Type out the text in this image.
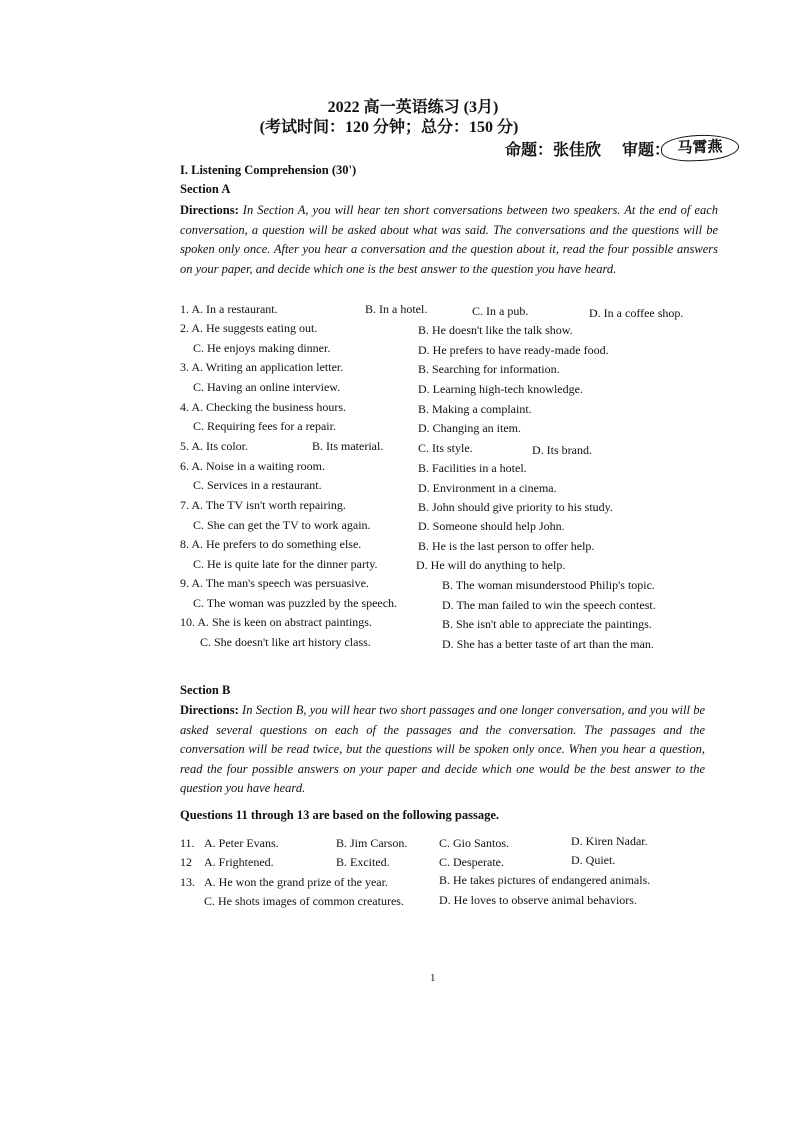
2022 高一英语练习 (3月)
(考试时间：120 分钟；总分：150 分)
命题：张佳欣 审题： 马霄燕
I. Listening Comprehension (30')
Section A
Directions: In Section A, you will hear ten short conversations between two speakers. At the end of each conversation, a question will be asked about what was said. The conversations and the questions will be spoken only once. After you hear a conversation and the question about it, read the four possible answers on your paper, and decide which one is the best answer to the question you have heard.
1. A. In a restaurant.	B. In a hotel.	C. In a pub.	D. In a coffee shop.
2. A. He suggests eating out.	B. He doesn't like the talk show.
C. He enjoys making dinner.	D. He prefers to have ready-made food.
3. A. Writing an application letter.	B. Searching for information.
C. Having an online interview.	D. Learning high-tech knowledge.
4. A. Checking the business hours.	B. Making a complaint.
C. Requiring fees for a repair.	D. Changing an item.
5. A. Its color.	B. Its material.	C. Its style.	D. Its brand.
6. A. Noise in a waiting room.	B. Facilities in a hotel.
C. Services in a restaurant.	D. Environment in a cinema.
7. A. The TV isn't worth repairing.	B. John should give priority to his study.
C. She can get the TV to work again.	D. Someone should help John.
8. A. He prefers to do something else.	B. He is the last person to offer help.
C. He is quite late for the dinner party.	D. He will do anything to help.
9. A. The man's speech was persuasive.	B. The woman misunderstood Philip's topic.
C. The woman was puzzled by the speech.	D. The man failed to win the speech contest.
10. A. She is keen on abstract paintings.	B. She isn't able to appreciate the paintings.
C. She doesn't like art history class.	D. She has a better taste of art than the man.
Section B
Directions: In Section B, you will hear two short passages and one longer conversation, and you will be asked several questions on each of the passages and the conversation. The passages and the conversation will be read twice, but the questions will be spoken only once. When you hear a question, read the four possible answers on your paper and decide which one would be the best answer to the question you have heard.
Questions 11 through 13 are based on the following passage.
11. A. Peter Evans.	B. Jim Carson.	C. Gio Santos.	D. Kiren Nadar.
12 A. Frightened.	B. Excited.	C. Desperate.	D. Quiet.
13. A. He won the grand prize of the year.	B. He takes pictures of endangered animals.
C. He shots images of common creatures.	D. He loves to observe animal behaviors.
1
